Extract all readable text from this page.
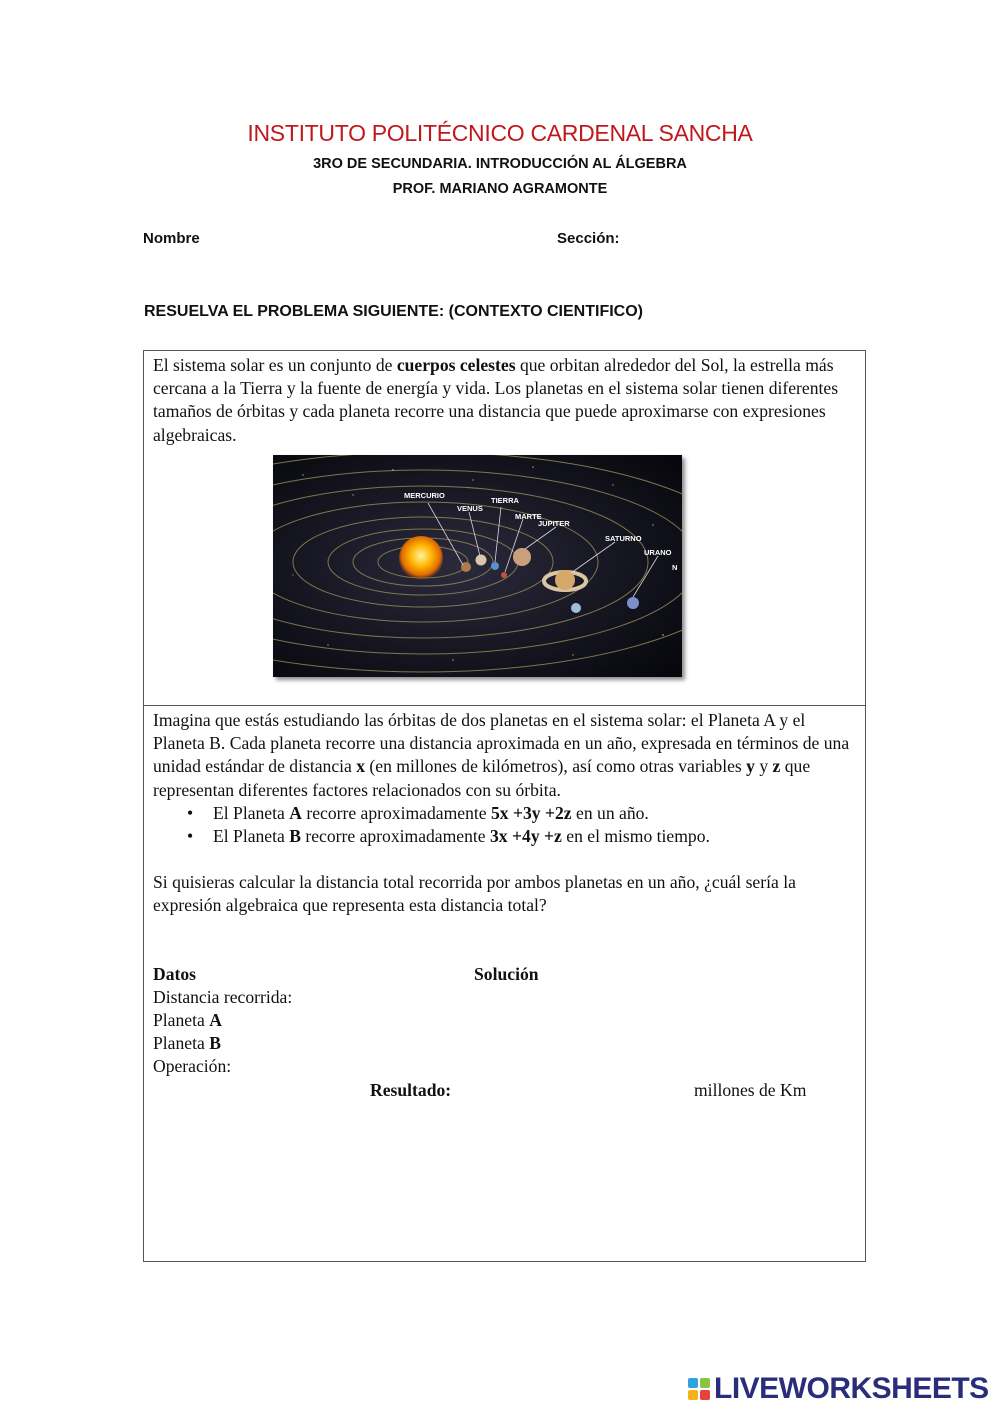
INSTITUTO POLITÉCNICO CARDENAL SANCHA
3RO DE SECUNDARIA. INTRODUCCIÓN AL ÁLGEBRA
PROF. MARIANO AGRAMONTE
Nombre	Sección:
RESUELVA EL PROBLEMA SIGUIENTE: (CONTEXTO CIENTIFICO)
El sistema solar es un conjunto de cuerpos celestes que orbitan alrededor del Sol, la estrella más cercana a la Tierra y la fuente de energía y vida. Los planetas en el sistema solar tienen diferentes tamaños de órbitas y cada planeta recorre una distancia que puede aproximarse con expresiones algebraicas.
MERCURIO
VENUS
TIERRA
MARTE
JUPITER
SATURNO
URANO
N
Imagina que estás estudiando las órbitas de dos planetas en el sistema solar: el Planeta A y el Planeta B. Cada planeta recorre una distancia aproximada en un año, expresada en términos de una unidad estándar de distancia x (en millones de kilómetros), así como otras variables y y z que representan diferentes factores relacionados con su órbita.
• El Planeta A recorre aproximadamente 5x +3y +2z en un año.
• El Planeta B recorre aproximadamente 3x +4y +z en el mismo tiempo.
Si quisieras calcular la distancia total recorrida por ambos planetas en un año, ¿cuál sería la expresión algebraica que representa esta distancia total?
Datos	Solución
Distancia recorrida:
Planeta A
Planeta B
Operación:
Resultado:	millones de Km
LIVEWORKSHEETS
